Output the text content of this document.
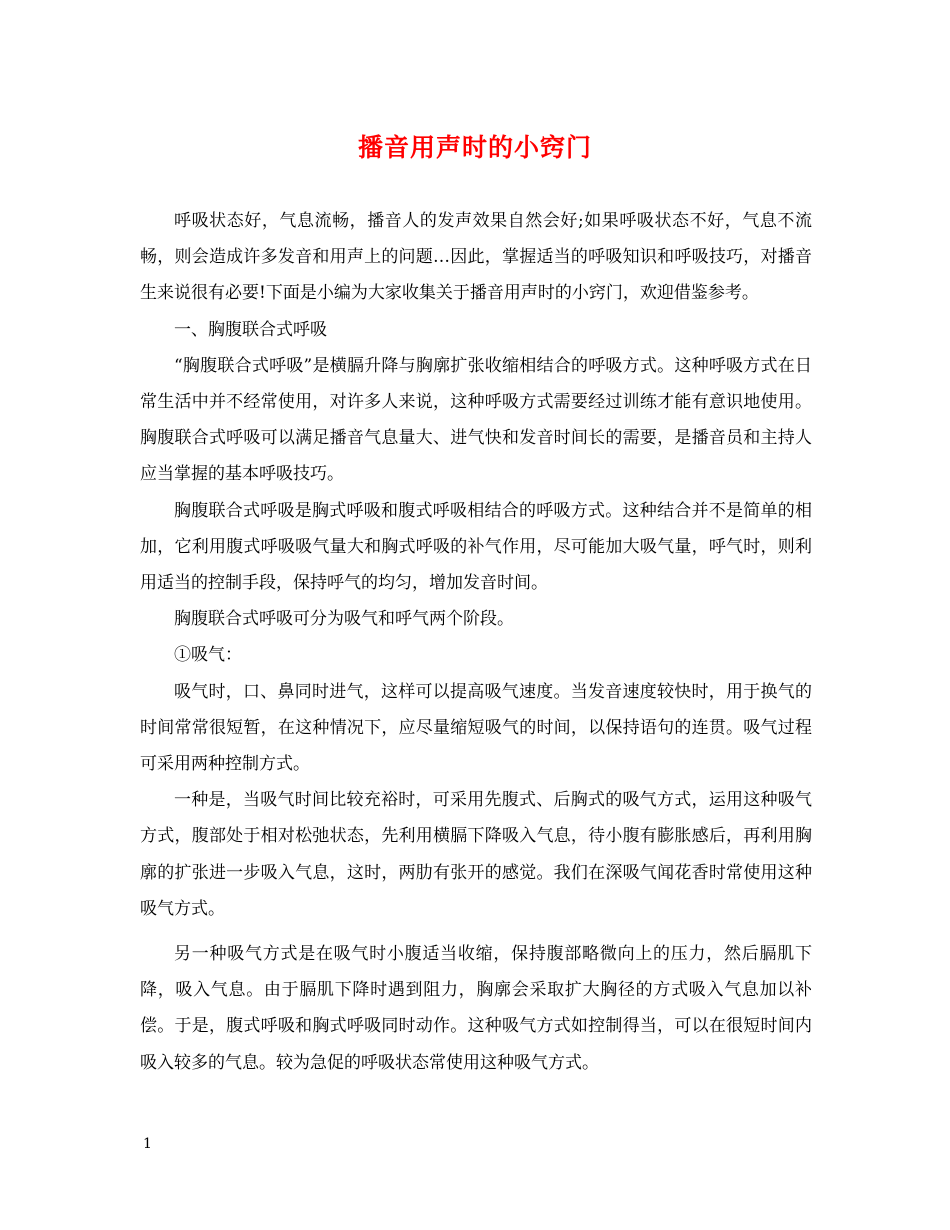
播音用声时的小窍门

呼吸状态好，气息流畅，播音人的发声效果自然会好;如果呼吸状态不好，气息不流畅，则会造成许多发音和用声上的问题…因此，掌握适当的呼吸知识和呼吸技巧，对播音生来说很有必要!下面是小编为大家收集关于播音用声时的小窍门，欢迎借鉴参考。

一、胸腹联合式呼吸

“胸腹联合式呼吸”是横膈升降与胸廓扩张收缩相结合的呼吸方式。这种呼吸方式在日常生活中并不经常使用，对许多人来说，这种呼吸方式需要经过训练才能有意识地使用。胸腹联合式呼吸可以满足播音气息量大、进气快和发音时间长的需要，是播音员和主持人应当掌握的基本呼吸技巧。

胸腹联合式呼吸是胸式呼吸和腹式呼吸相结合的呼吸方式。这种结合并不是简单的相加，它利用腹式呼吸吸气量大和胸式呼吸的补气作用，尽可能加大吸气量，呼气时，则利用适当的控制手段，保持呼气的均匀，增加发音时间。

胸腹联合式呼吸可分为吸气和呼气两个阶段。

①吸气：

吸气时，口、鼻同时进气，这样可以提高吸气速度。当发音速度较快时，用于换气的时间常常很短暂，在这种情况下，应尽量缩短吸气的时间，以保持语句的连贯。吸气过程可采用两种控制方式。

一种是，当吸气时间比较充裕时，可采用先腹式、后胸式的吸气方式，运用这种吸气方式，腹部处于相对松弛状态，先利用横膈下降吸入气息，待小腹有膨胀感后，再利用胸廓的扩张进一步吸入气息，这时，两肋有张开的感觉。我们在深吸气闻花香时常使用这种吸气方式。

另一种吸气方式是在吸气时小腹适当收缩，保持腹部略微向上的压力，然后膈肌下降，吸入气息。由于膈肌下降时遇到阻力，胸廓会采取扩大胸径的方式吸入气息加以补偿。于是，腹式呼吸和胸式呼吸同时动作。这种吸气方式如控制得当，可以在很短时间内吸入较多的气息。较为急促的呼吸状态常使用这种吸气方式。

1
